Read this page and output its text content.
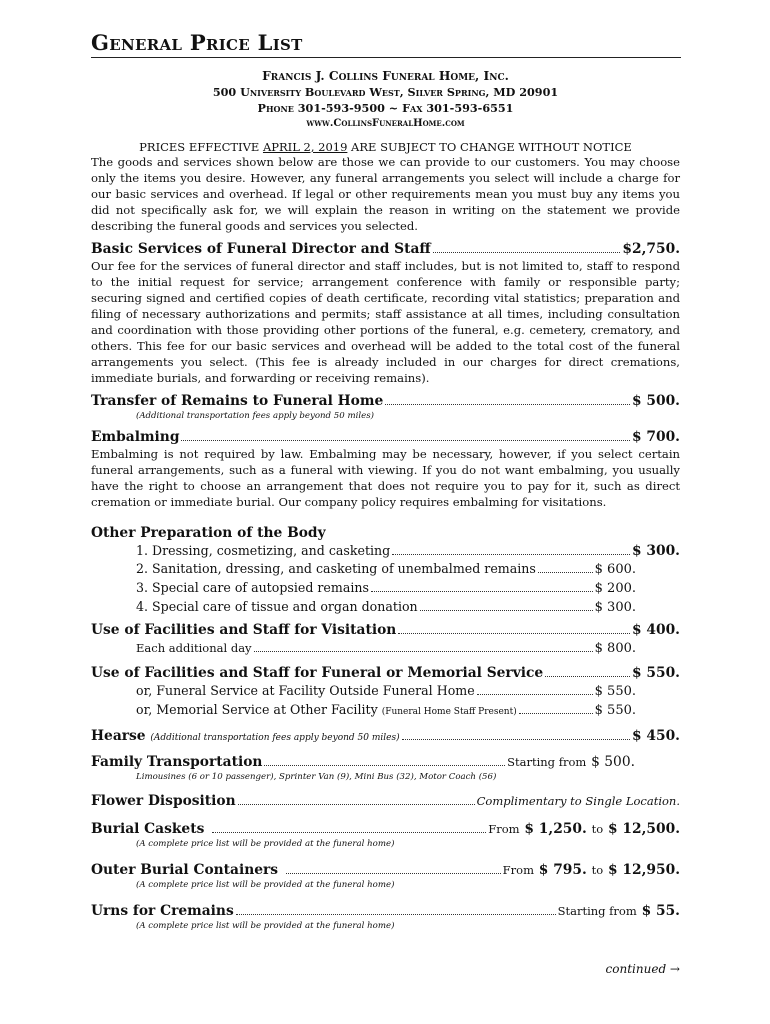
General Price List
Francis J. Collins Funeral Home, Inc.
500 University Boulevard West, Silver Spring, MD 20901
Phone 301-593-9500 ~ Fax 301-593-6551
www.CollinsFuneralHome.com
PRICES EFFECTIVE APRIL 2, 2019 ARE SUBJECT TO CHANGE WITHOUT NOTICE

The goods and services shown below are those we can provide to our customers. You may choose only the items you desire. However, any funeral arrangements you select will include a charge for our basic services and overhead. If legal or other requirements mean you must buy any items you did not specifically ask for, we will explain the reason in writing on the statement we provide describing the funeral goods and services you selected.

Basic Services of Funeral Director and Staff	$2,750.

Our fee for the services of funeral director and staff includes, but is not limited to, staff to respond to the initial request for service; arrangement conference with family or responsible party; securing signed and certified copies of death certificate, recording vital statistics; preparation and filing of necessary authorizations and permits; staff assistance at all times, including consultation and coordination with those providing other portions of the funeral, e.g. cemetery, crematory, and others. This fee for our basic services and overhead will be added to the total cost of the funeral arrangements you select. (This fee is already included in our charges for direct cremations, immediate burials, and forwarding or receiving remains).

Transfer of Remains to Funeral Home	$ 500.
(Additional transportation fees apply beyond 50 miles)
Embalming	$ 700.

Embalming is not required by law. Embalming may be necessary, however, if you select certain funeral arrangements, such as a funeral with viewing. If you do not want embalming, you usually have the right to choose an arrangement that does not require you to pay for it, such as direct cremation or immediate burial. Our company policy requires embalming for visitations.

Other Preparation of the Body
1. Dressing, cosmetizing, and casketing	$ 300.
2. Sanitation, dressing, and casketing of unembalmed remains	$ 600.
3. Special care of autopsied remains	$ 200.
4. Special care of tissue and organ donation	$ 300.
Use of Facilities and Staff for Visitation	$ 400.
Each additional day	$ 800.
Use of Facilities and Staff for Funeral or Memorial Service	$ 550.
or, Funeral Service at Facility Outside Funeral Home	$ 550.
or, Memorial Service at Other Facility (Funeral Home Staff Present)	$ 550.
Hearse (Additional transportation fees apply beyond 50 miles)	$ 450.
Family Transportation	Starting from $ 500.
Limousines (6 or 10 passenger), Sprinter Van (9), Mini Bus (32), Motor Coach (56)
Flower Disposition	Complimentary to Single Location.
Burial Caskets	From $ 1,250. to $ 12,500.
(A complete price list will be provided at the funeral home)
Outer Burial Containers	From $ 795. to $ 12,950.
(A complete price list will be provided at the funeral home)
Urns for Cremains	Starting from $ 55.
(A complete price list will be provided at the funeral home)
continued →
